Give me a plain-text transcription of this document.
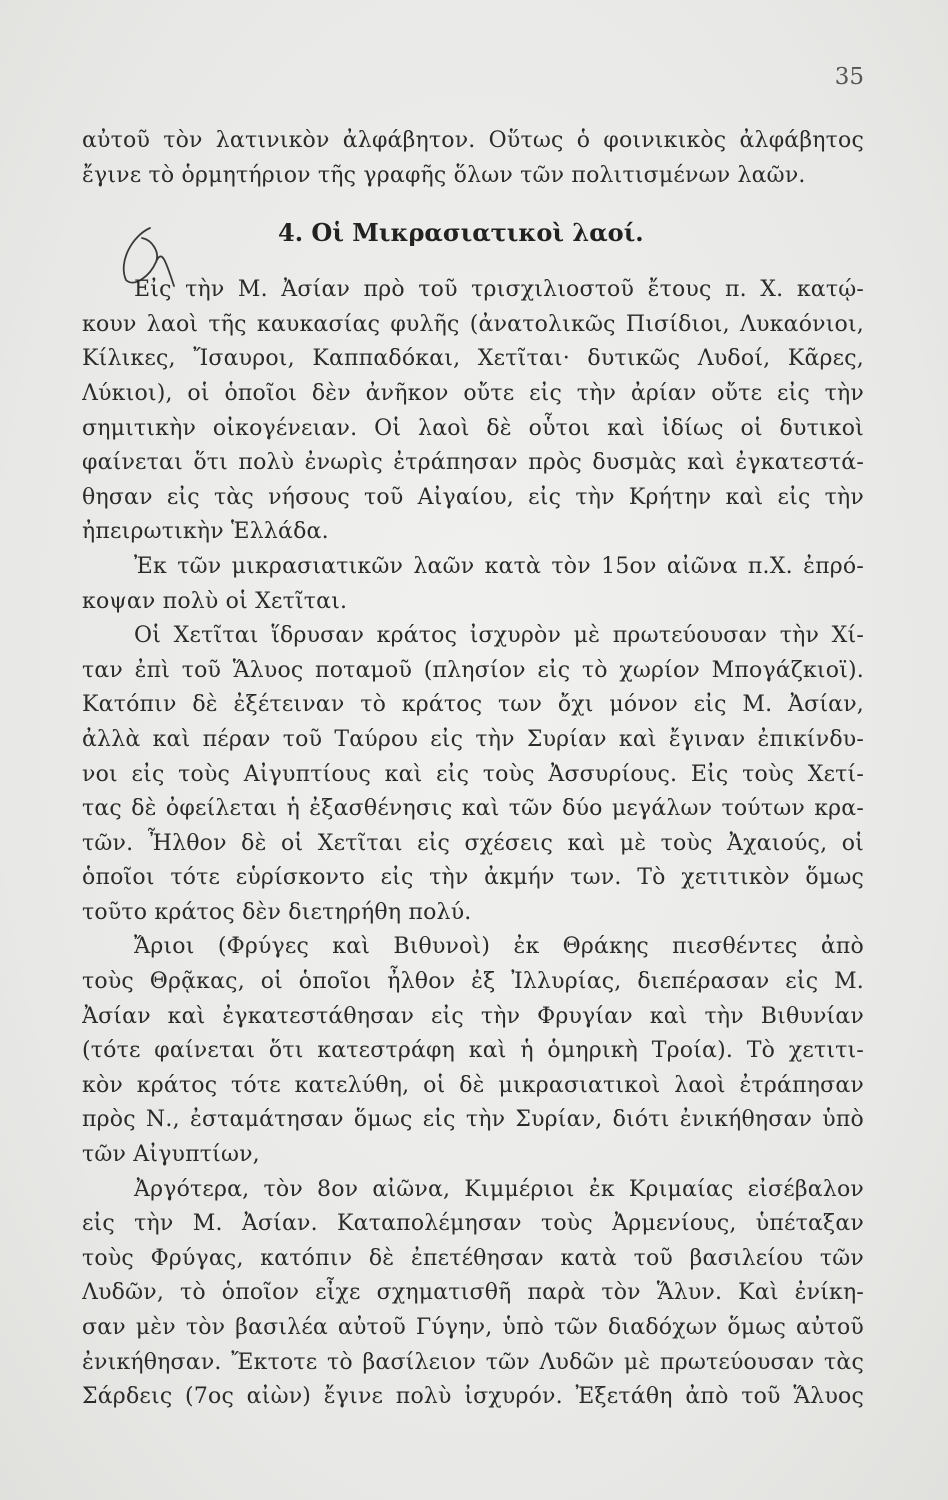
35
αὐτοῦ τὸν λατινικὸν ἀλφάβητον. Οὕτως ὁ φοινικικὸς ἀλφάβητος
ἔγινε τὸ ὁρμητήριον τῆς γραφῆς ὅλων τῶν πολιτισμένων λαῶν.
4. Οἱ Μικρασιατικοὶ λαοί.
Εἰς τὴν Μ. Ἀσίαν πρὸ τοῦ τρισχιλιοστοῦ ἔτους π. Χ. κατῴ-
κουν λαοὶ τῆς καυκασίας φυλῆς (ἀνατολικῶς Πισίδιοι, Λυκαόνιοι,
Κίλικες, Ἴσαυροι, Καππαδόκαι, Χετῖται· δυτικῶς Λυδοί, Κᾶρες,
Λύκιοι), οἱ ὁποῖοι δὲν ἀνῆκον οὔτε εἰς τὴν ἀρίαν οὔτε εἰς τὴν
σημιτικὴν οἰκογένειαν. Οἱ λαοὶ δὲ οὗτοι καὶ ἰδίως οἱ δυτικοὶ
φαίνεται ὅτι πολὺ ἐνωρὶς ἐτράπησαν πρὸς δυσμὰς καὶ ἐγκατεστά-
θησαν εἰς τὰς νήσους τοῦ Αἰγαίου, εἰς τὴν Κρήτην καὶ εἰς τὴν
ἠπειρωτικὴν Ἑλλάδα.
Ἐκ τῶν μικρασιατικῶν λαῶν κατὰ τὸν 15ον αἰῶνα π.Χ. ἐπρό-
κοψαν πολὺ οἱ Χετῖται.
Οἱ Χετῖται ἵδρυσαν κράτος ἰσχυρὸν μὲ πρωτεύουσαν τὴν Χί-
ταν ἐπὶ τοῦ Ἅλυος ποταμοῦ (πλησίον εἰς τὸ χωρίον Μπογάζκιοϊ).
Κατόπιν δὲ ἐξέτειναν τὸ κράτος των ὄχι μόνον εἰς Μ. Ἀσίαν,
ἀλλὰ καὶ πέραν τοῦ Ταύρου εἰς τὴν Συρίαν καὶ ἔγιναν ἐπικίνδυ-
νοι εἰς τοὺς Αἰγυπτίους καὶ εἰς τοὺς Ἀσσυρίους. Εἰς τοὺς Χετί-
τας δὲ ὀφείλεται ἡ ἐξασθένησις καὶ τῶν δύο μεγάλων τούτων κρα-
τῶν. Ἦλθον δὲ οἱ Χετῖται εἰς σχέσεις καὶ μὲ τοὺς Ἀχαιούς, οἱ
ὁποῖοι τότε εὑρίσκοντο εἰς τὴν ἀκμήν των. Τὸ χετιτικὸν ὅμως
τοῦτο κράτος δὲν διετηρήθη πολύ.
Ἄριοι (Φρύγες καὶ Βιθυνοὶ) ἐκ Θράκης πιεσθέντες ἀπὸ
τοὺς Θρᾷκας, οἱ ὁποῖοι ἦλθον ἐξ Ἰλλυρίας, διεπέρασαν εἰς Μ.
Ἀσίαν καὶ ἐγκατεστάθησαν εἰς τὴν Φρυγίαν καὶ τὴν Βιθυνίαν
(τότε φαίνεται ὅτι κατεστράφη καὶ ἡ ὁμηρικὴ Τροία). Τὸ χετιτι-
κὸν κράτος τότε κατελύθη, οἱ δὲ μικρασιατικοὶ λαοὶ ἐτράπησαν
πρὸς Ν., ἐσταμάτησαν ὅμως εἰς τὴν Συρίαν, διότι ἐνικήθησαν ὑπὸ
τῶν Αἰγυπτίων,
Ἀργότερα, τὸν 8ον αἰῶνα, Κιμμέριοι ἐκ Κριμαίας εἰσέβαλον
εἰς τὴν Μ. Ἀσίαν. Καταπολέμησαν τοὺς Ἀρμενίους, ὑπέταξαν
τοὺς Φρύγας, κατόπιν δὲ ἐπετέθησαν κατὰ τοῦ βασιλείου τῶν
Λυδῶν, τὸ ὁποῖον εἶχε σχηματισθῆ παρὰ τὸν Ἅλυν. Καὶ ἐνίκη-
σαν μὲν τὸν βασιλέα αὐτοῦ Γύγην, ὑπὸ τῶν διαδόχων ὅμως αὐτοῦ
ἐνικήθησαν. Ἔκτοτε τὸ βασίλειον τῶν Λυδῶν μὲ πρωτεύουσαν τὰς
Σάρδεις (7ος αἰὼν) ἔγινε πολὺ ἰσχυρόν. Ἐξετάθη ἀπὸ τοῦ Ἅλυος
